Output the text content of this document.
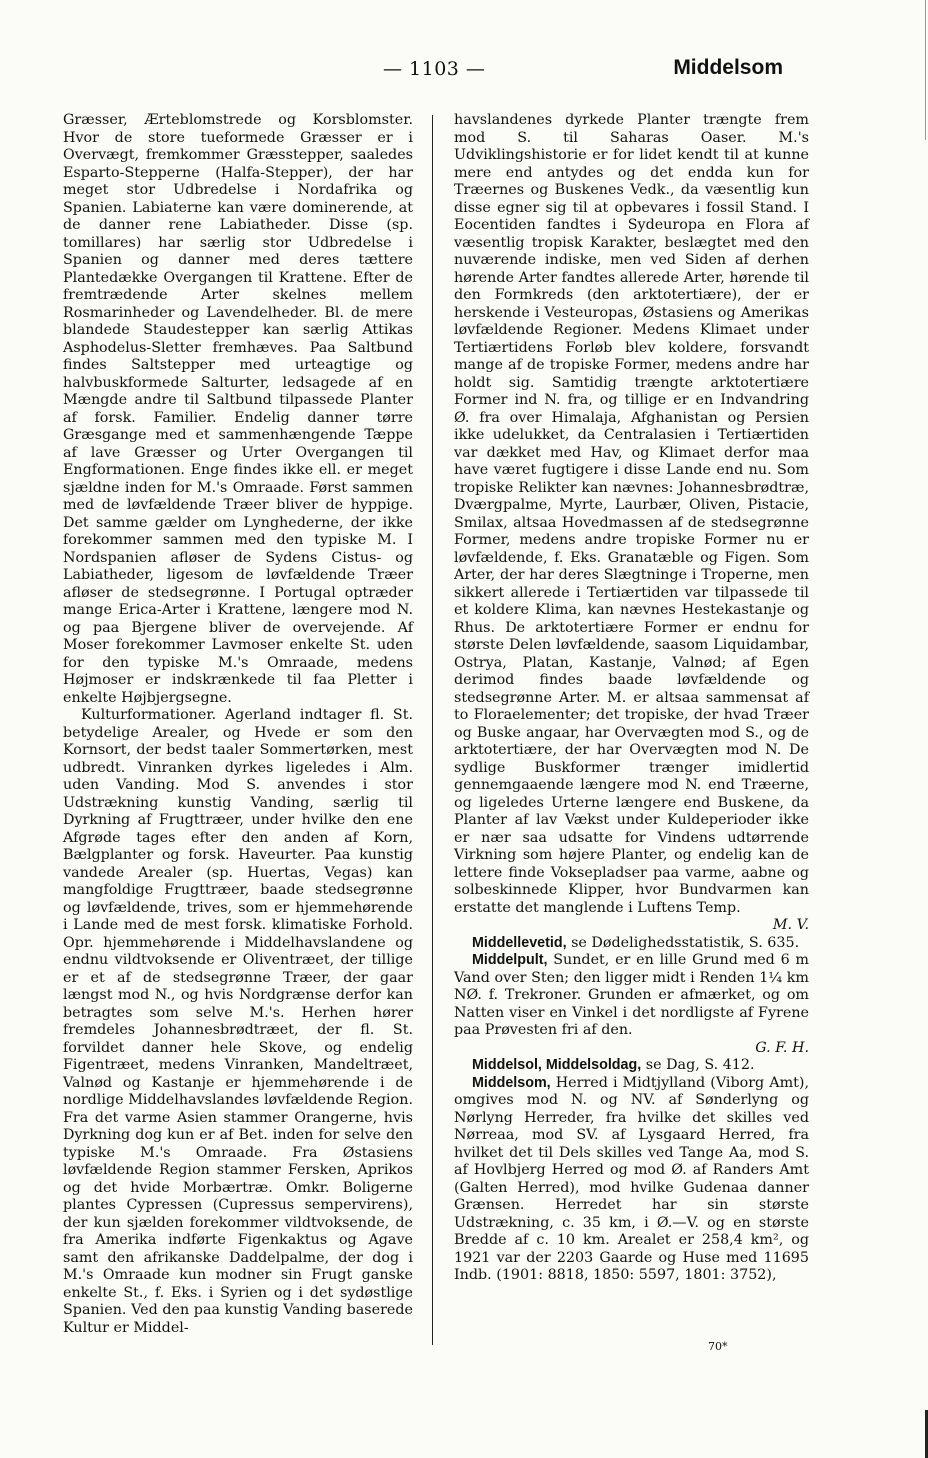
— 1103 —	Middelsom

Græsser, Ærteblomstrede og Korsblomster. Hvor de store tueformede Græsser er i Overvægt, fremkommer Græsstepper, saaledes Esparto-Stepperne (Halfa-Stepper), der har meget stor Udbredelse i Nordafrika og Spanien. Labiaterne kan være dominerende, at de danner rene Labiatheder. Disse (sp. tomillares) har særlig stor Udbredelse i Spanien og danner med deres tættere Plantedække Overgangen til Krattene. Efter de fremtrædende Arter skelnes mellem Rosmarinheder og Lavendelheder. Bl. de mere blandede Staudestepper kan særlig Attikas Asphodelus-Sletter fremhæves. Paa Saltbund findes Saltstepper med urteagtige og halvbuskformede Salturter, ledsagede af en Mængde andre til Saltbund tilpassede Planter af forsk. Familier. Endelig danner tørre Græsgange med et sammenhængende Tæppe af lave Græsser og Urter Overgangen til Engformationen. Enge findes ikke ell. er meget sjældne inden for M.'s Omraade. Først sammen med de løvfældende Træer bliver de hyppige. Det samme gælder om Lynghederne, der ikke forekommer sammen med den typiske M. I Nordspanien afløser de Sydens Cistus- og Labiatheder, ligesom de løvfældende Træer afløser de stedsegrønne. I Portugal optræder mange Erica-Arter i Krattene, længere mod N. og paa Bjergene bliver de overvejende. Af Moser forekommer Lavmoser enkelte St. uden for den typiske M.'s Omraade, medens Højmoser er indskrænkede til faa Pletter i enkelte Højbjergsegne.

Kulturformationer. Agerland indtager fl. St. betydelige Arealer, og Hvede er som den Kornsort, der bedst taaler Sommertørken, mest udbredt. Vinranken dyrkes ligeledes i Alm. uden Vanding. Mod S. anvendes i stor Udstrækning kunstig Vanding, særlig til Dyrkning af Frugttræer, under hvilke den ene Afgrøde tages efter den anden af Korn, Bælgplanter og forsk. Haveurter. Paa kunstig vandede Arealer (sp. Huertas, Vegas) kan mangfoldige Frugttræer, baade stedsegrønne og løvfældende, trives, som er hjemmehørende i Lande med de mest forsk. klimatiske Forhold. Opr. hjemmehørende i Middelhavslandene og endnu vildtvoksende er Oliventræet, der tillige er et af de stedsegrønne Træer, der gaar længst mod N., og hvis Nordgrænse derfor kan betragtes som selve M.'s. Herhen hører fremdeles Johannesbrødtræet, der fl. St. forvildet danner hele Skove, og endelig Figentræet, medens Vinranken, Mandeltræet, Valnød og Kastanje er hjemmehørende i de nordlige Middelhavslandes løvfældende Region. Fra det varme Asien stammer Orangerne, hvis Dyrkning dog kun er af Bet. inden for selve den typiske M.'s Omraade. Fra Østasiens løvfældende Region stammer Fersken, Aprikos og det hvide Morbærtræ. Omkr. Boligerne plantes Cypressen (Cupressus sempervirens), der kun sjælden forekommer vildtvoksende, de fra Amerika indførte Figenkaktus og Agave samt den afrikanske Daddelpalme, der dog i M.'s Omraade kun modner sin Frugt ganske enkelte St., f. Eks. i Syrien og i det sydøstlige Spanien. Ved den paa kunstig Vanding baserede Kultur er Middel-

havslandenes dyrkede Planter trængte frem mod S. til Saharas Oaser. M.'s Udviklingshistorie er for lidet kendt til at kunne mere end antydes og det endda kun for Træernes og Buskenes Vedk., da væsentlig kun disse egner sig til at opbevares i fossil Stand. I Eocentiden fandtes i Sydeuropa en Flora af væsentlig tropisk Karakter, beslægtet med den nuværende indiske, men ved Siden af derhen hørende Arter fandtes allerede Arter, hørende til den Formkreds (den arktotertiære), der er herskende i Vesteuropas, Østasiens og Amerikas løvfældende Regioner. Medens Klimaet under Tertiærtidens Forløb blev koldere, forsvandt mange af de tropiske Former, medens andre har holdt sig. Samtidig trængte arktotertiære Former ind N. fra, og tillige er en Indvandring Ø. fra over Himalaja, Afghanistan og Persien ikke udelukket, da Centralasien i Tertiærtiden var dækket med Hav, og Klimaet derfor maa have været fugtigere i disse Lande end nu. Som tropiske Relikter kan nævnes: Johannesbrødtræ, Dværgpalme, Myrte, Laurbær, Oliven, Pistacie, Smilax, altsaa Hovedmassen af de stedsegrønne Former, medens andre tropiske Former nu er løvfældende, f. Eks. Granatæble og Figen. Som Arter, der har deres Slægtninge i Troperne, men sikkert allerede i Tertiærtiden var tilpassede til et koldere Klima, kan nævnes Hestekastanje og Rhus. De arktotertiære Former er endnu for største Delen løvfældende, saasom Liquidambar, Ostrya, Platan, Kastanje, Valnød; af Egen derimod findes baade løvfældende og stedsegrønne Arter. M. er altsaa sammensat af to Floraelementer; det tropiske, der hvad Træer og Buske angaar, har Overvægten mod S., og de arktotertiære, der har Overvægten mod N. De sydlige Buskformer trænger imidlertid gennemgaaende længere mod N. end Træerne, og ligeledes Urterne længere end Buskene, da Planter af lav Vækst under Kuldeperioder ikke er nær saa udsatte for Vindens udtørrende Virkning som højere Planter, og endelig kan de lettere finde Voksepladser paa varme, aabne og solbeskinnede Klipper, hvor Bundvarmen kan erstatte det manglende i Luftens Temp.

M. V.

Middellevetid, se Dødelighedsstatistik, S. 635.

Middelpult, Sundet, er en lille Grund med 6 m Vand over Sten; den ligger midt i Renden 1¼ km NØ. f. Trekroner. Grunden er afmærket, og om Natten viser en Vinkel i det nordligste af Fyrene paa Prøvesten fri af den.

G. F. H.

Middelsol, Middelsoldag, se Dag, S. 412.

Middelsom, Herred i Midtjylland (Viborg Amt), omgives mod N. og NV. af Sønderlyng og Nørlyng Herreder, fra hvilke det skilles ved Nørreaa, mod SV. af Lysgaard Herred, fra hvilket det til Dels skilles ved Tange Aa, mod S. af Hovlbjerg Herred og mod Ø. af Randers Amt (Galten Herred), mod hvilke Gudenaa danner Grænsen. Herredet har sin største Udstrækning, c. 35 km, i Ø.—V. og en største Bredde af c. 10 km. Arealet er 258,4 km², og 1921 var der 2203 Gaarde og Huse med 11695 Indb. (1901: 8818, 1850: 5597, 1801: 3752),

70*
